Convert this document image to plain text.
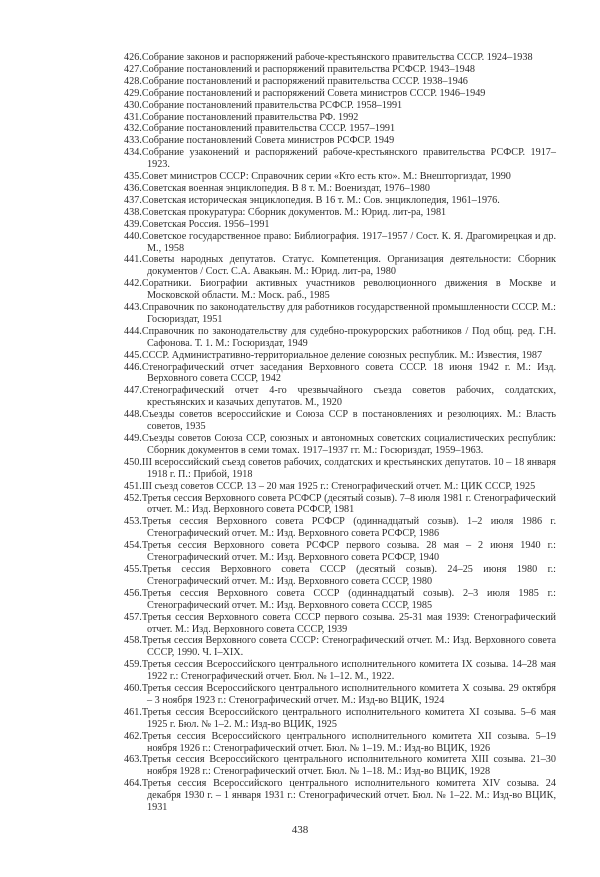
426.Собрание законов и распоряжений рабоче-крестьянского правительства СССР. 1924–1938
427.Собрание постановлений и распоряжений правительства РСФСР. 1943–1948
428.Собрание постановлений и распоряжений правительства СССР. 1938–1946
429.Собрание постановлений и распоряжений Совета министров СССР. 1946–1949
430.Собрание постановлений правительства РСФСР. 1958–1991
431.Собрание постановлений правительства РФ. 1992
432.Собрание постановлений правительства СССР. 1957–1991
433.Собрание постановлений Совета министров РСФСР. 1949
434.Собрание узаконений и распоряжений рабоче-крестьянского правительства РСФСР. 1917–1923.
435.Совет министров СССР: Справочник серии «Кто есть кто». М.: Внешторгиздат, 1990
436.Советская военная энциклопедия. В 8 т. М.: Воениздат, 1976–1980
437.Советская историческая энциклопедия. В 16 т. М.: Сов. энциклопедия, 1961–1976.
438.Советская прокуратура: Сборник документов. М.: Юрид. лит-ра, 1981
439.Советская Россия. 1956–1991
440.Советское государственное право: Библиография. 1917–1957 / Сост. К. Я. Драгомирецкая и др. М., 1958
441.Советы народных депутатов. Статус. Компетенция. Организация деятельности: Сборник документов / Сост. С.А. Авакьян. М.: Юрид. лит-ра, 1980
442.Соратники. Биографии активных участников революционного движения в Москве и Московской области. М.: Моск. раб., 1985
443.Справочник по законодательству для работников государственной промышленности СССР. М.: Госюриздат, 1951
444.Справочник по законодательству для судебно-прокурорских работников / Под общ. ред. Г.Н. Сафонова. Т. 1. М.: Госюриздат, 1949
445.СССР. Административно-территориальное деление союзных республик. М.: Известия, 1987
446.Стенографический отчет заседания Верховного совета СССР. 18 июня 1942 г. М.: Изд. Верховного совета СССР, 1942
447.Стенографический отчет 4-го чрезвычайного съезда советов рабочих, солдатских, крестьянских и казачьих депутатов. М., 1920
448.Съезды советов всероссийские и Союза ССР в постановлениях и резолюциях. М.: Власть советов, 1935
449.Съезды советов Союза ССР, союзных и автономных советских социалистических республик: Сборник документов в семи томах. 1917–1937 гг. М.: Госюриздат, 1959–1963.
450.III всероссийский съезд советов рабочих, солдатских и крестьянских депутатов. 10 – 18 января 1918 г. П.: Прибой, 1918
451.III съезд советов СССР. 13 – 20 мая 1925 г.: Стенографический отчет. М.: ЦИК СССР, 1925
452.Третья сессия Верховного совета РСФСР (десятый созыв). 7–8 июля 1981 г. Стенографический отчет. М.: Изд. Верховного совета РСФСР, 1981
453.Третья сессия Верховного совета РСФСР (одиннадцатый созыв). 1–2 июля 1986 г. Стенографический отчет. М.: Изд. Верховного совета РСФСР, 1986
454.Третья сессия Верховного совета РСФСР первого созыва. 28 мая – 2 июня 1940 г.: Стенографический отчет. М.: Изд. Верховного совета РСФСР, 1940
455.Третья сессия Верховного совета СССР (десятый созыв). 24–25 июня 1980 г.: Стенографический отчет. М.: Изд. Верховного совета СССР, 1980
456.Третья сессия Верховного совета СССР (одиннадцатый созыв). 2–3 июля 1985 г.: Стенографический отчет. М.: Изд. Верховного совета СССР, 1985
457.Третья сессия Верховного совета СССР первого созыва. 25-31 мая 1939: Стенографический отчет. М.: Изд. Верховного совета СССР, 1939
458.Третья сессия Верховного совета СССР: Стенографический отчет. М.: Изд. Верховного совета СССР, 1990. Ч. I–XIX.
459.Третья сессия Всероссийского центрального исполнительного комитета IX созыва. 14–28 мая 1922 г.: Стенографический отчет. Бюл. № 1–12. М., 1922.
460.Третья сессия Всероссийского центрального исполнительного комитета X созыва. 29 октября – 3 ноября 1923 г.: Стенографический отчет. М.: Изд-во ВЦИК, 1924
461.Третья сессия Всероссийского центрального исполнительного комитета XI созыва. 5–6 мая 1925 г. Бюл. № 1–2. М.: Изд-во ВЦИК, 1925
462.Третья сессия Всероссийского центрального исполнительного комитета XII созыва. 5–19 ноября 1926 г.: Стенографический отчет. Бюл. № 1–19. М.: Изд-во ВЦИК, 1926
463.Третья сессия Всероссийского центрального исполнительного комитета XIII созыва. 21–30 ноября 1928 г.: Стенографический отчет. Бюл. № 1–18. М.: Изд-во ВЦИК, 1928
464.Третья сессия Всероссийского центрального исполнительного комитета XIV созыва. 24 декабря 1930 г. – 1 января 1931 г.: Стенографический отчет. Бюл. № 1–22. М.: Изд-во ВЦИК, 1931
438
